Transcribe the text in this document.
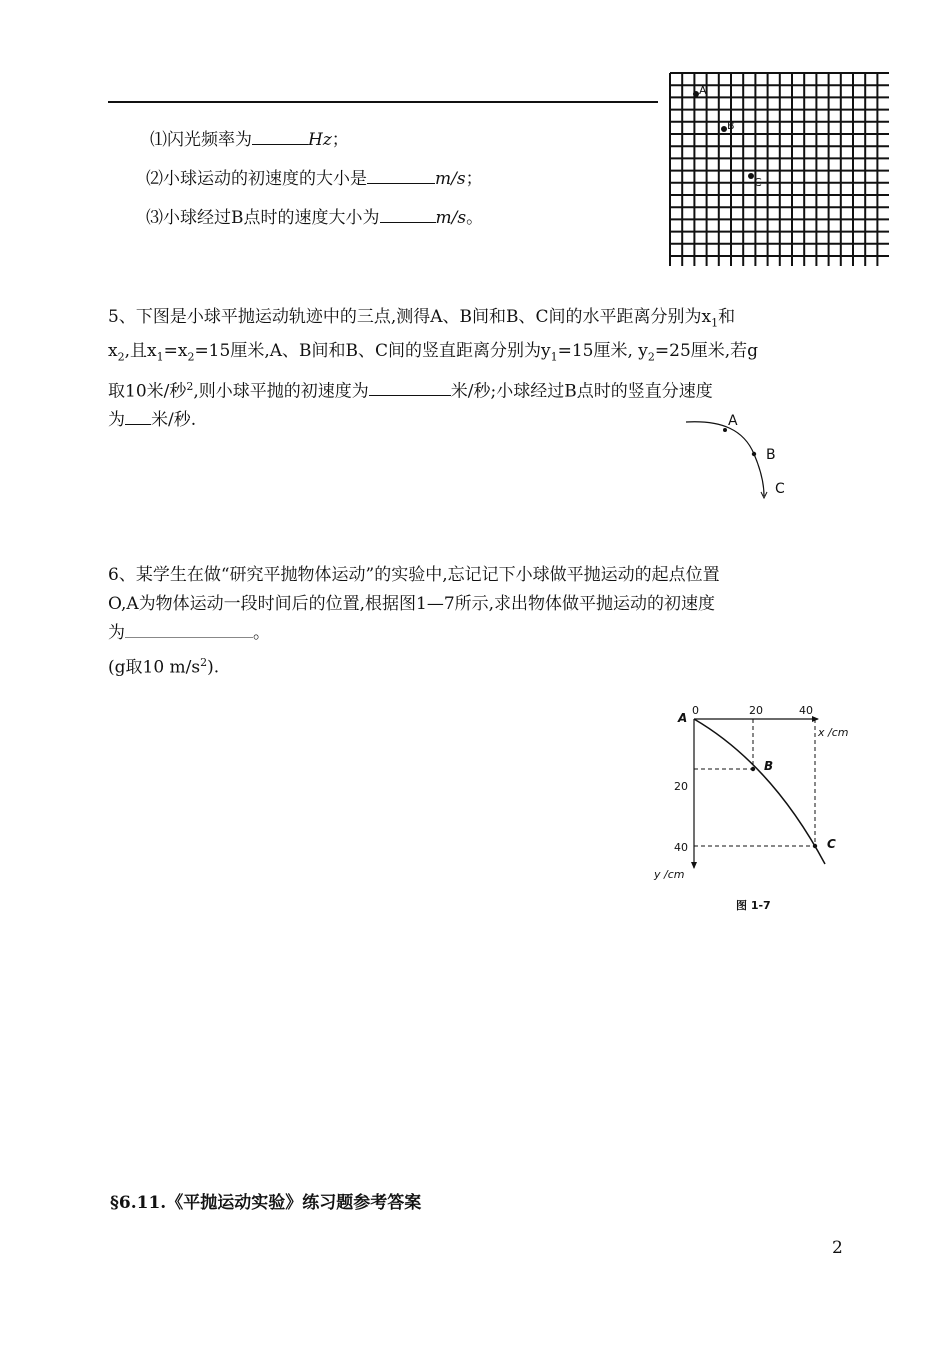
⑴闪光频率为	Hz；
⑵小球运动的初速度的大小是	m/s；
⑶小球经过B点时的速度大小为	m/s。
A
B
C
5、下图是小球平抛运动轨迹中的三点,测得A、B间和B、C间的水平距离分别为$x_1$和
$x_2$,且$x_1=x_2=15$厘米,A、B间和B、C间的竖直距离分别为$y_1=15$厘米, $y_2=25$厘米,若g
取10米/秒$^2$,则小球平抛的初速度为	米/秒;小球经过B点时的竖直分速度
为 米/秒.	A
B
C
6、某学生在做“研究平抛物体运动”的实验中,忘记记下小球做平抛运动的起点位置
O,A为物体运动一段时间后的位置,根据图1—7所示,求出物体做平抛运动的初速度
为	。
(g取10 $m/s^2$).
A
0	20	40
x /cm
20
40
y /cm
B
C
图 1-7
§6.11.《平抛运动实验》练习题参考答案
2
